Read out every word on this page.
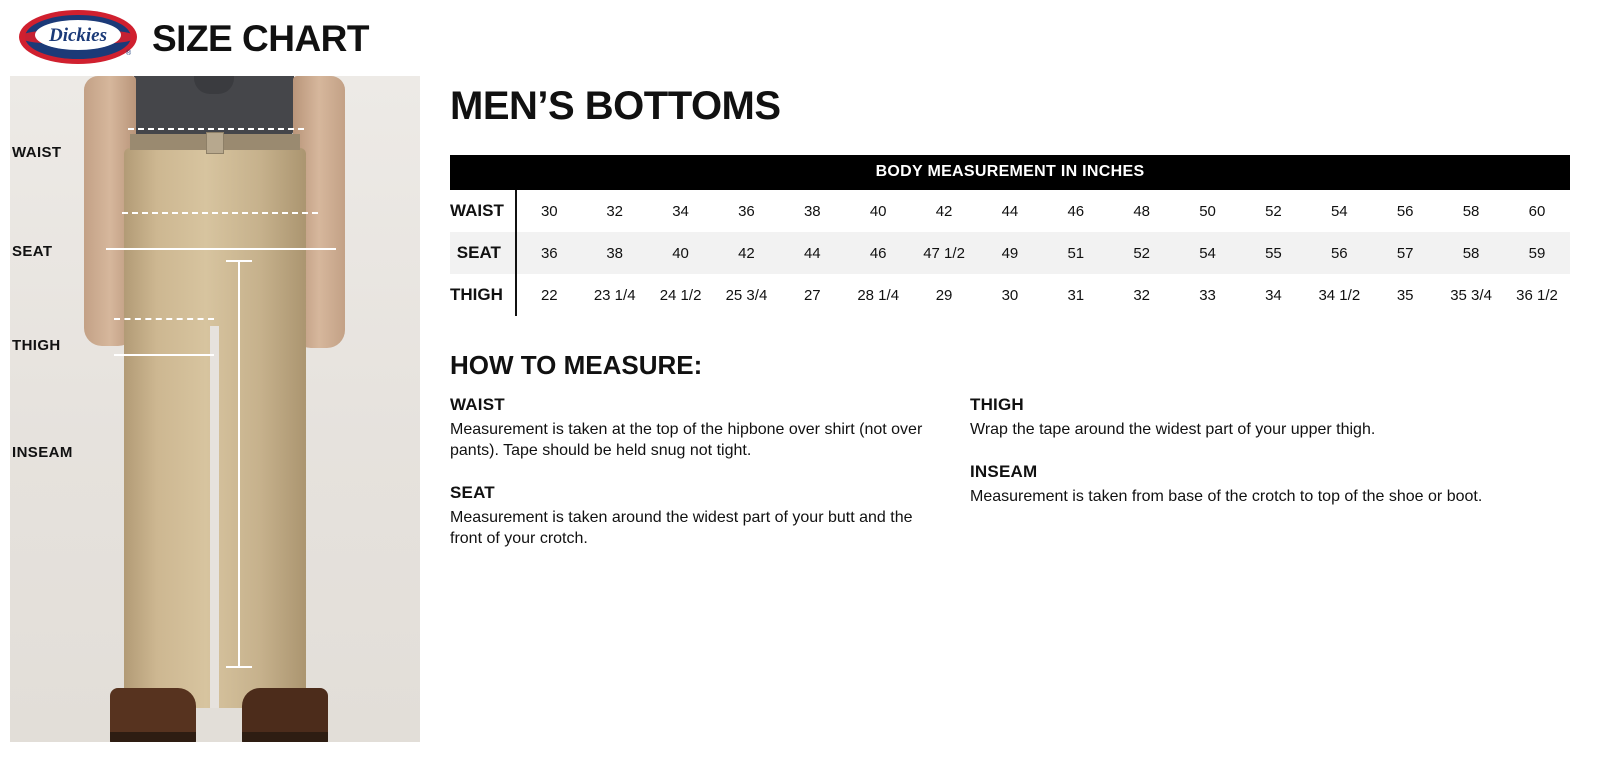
Dickies
® SIZE CHART
WAIST
SEAT
THIGH
INSEAM
MEN’S BOTTOMS
BODY MEASUREMENT IN INCHES																
WAIST	30	32	34	36	38	40	42	44	46	48	50	52	54	56	58	60
SEAT	36	38	40	42	44	46	47 1/2	49	51	52	54	55	56	57	58	59
THIGH	22	23 1/4	24 1/2	25 3/4	27	28 1/4	29	30	31	32	33	34	34 1/2	35	35 3/4	36 1/2
HOW TO MEASURE:
WAIST

Measurement is taken at the top of the hipbone over shirt (not over pants). Tape should be held snug not tight.

SEAT

Measurement is taken around the widest part of your butt and the front of your crotch.

THIGH

Wrap the tape around the widest part of your upper thigh.

INSEAM

Measurement is taken from base of the crotch to top of the shoe or boot.
